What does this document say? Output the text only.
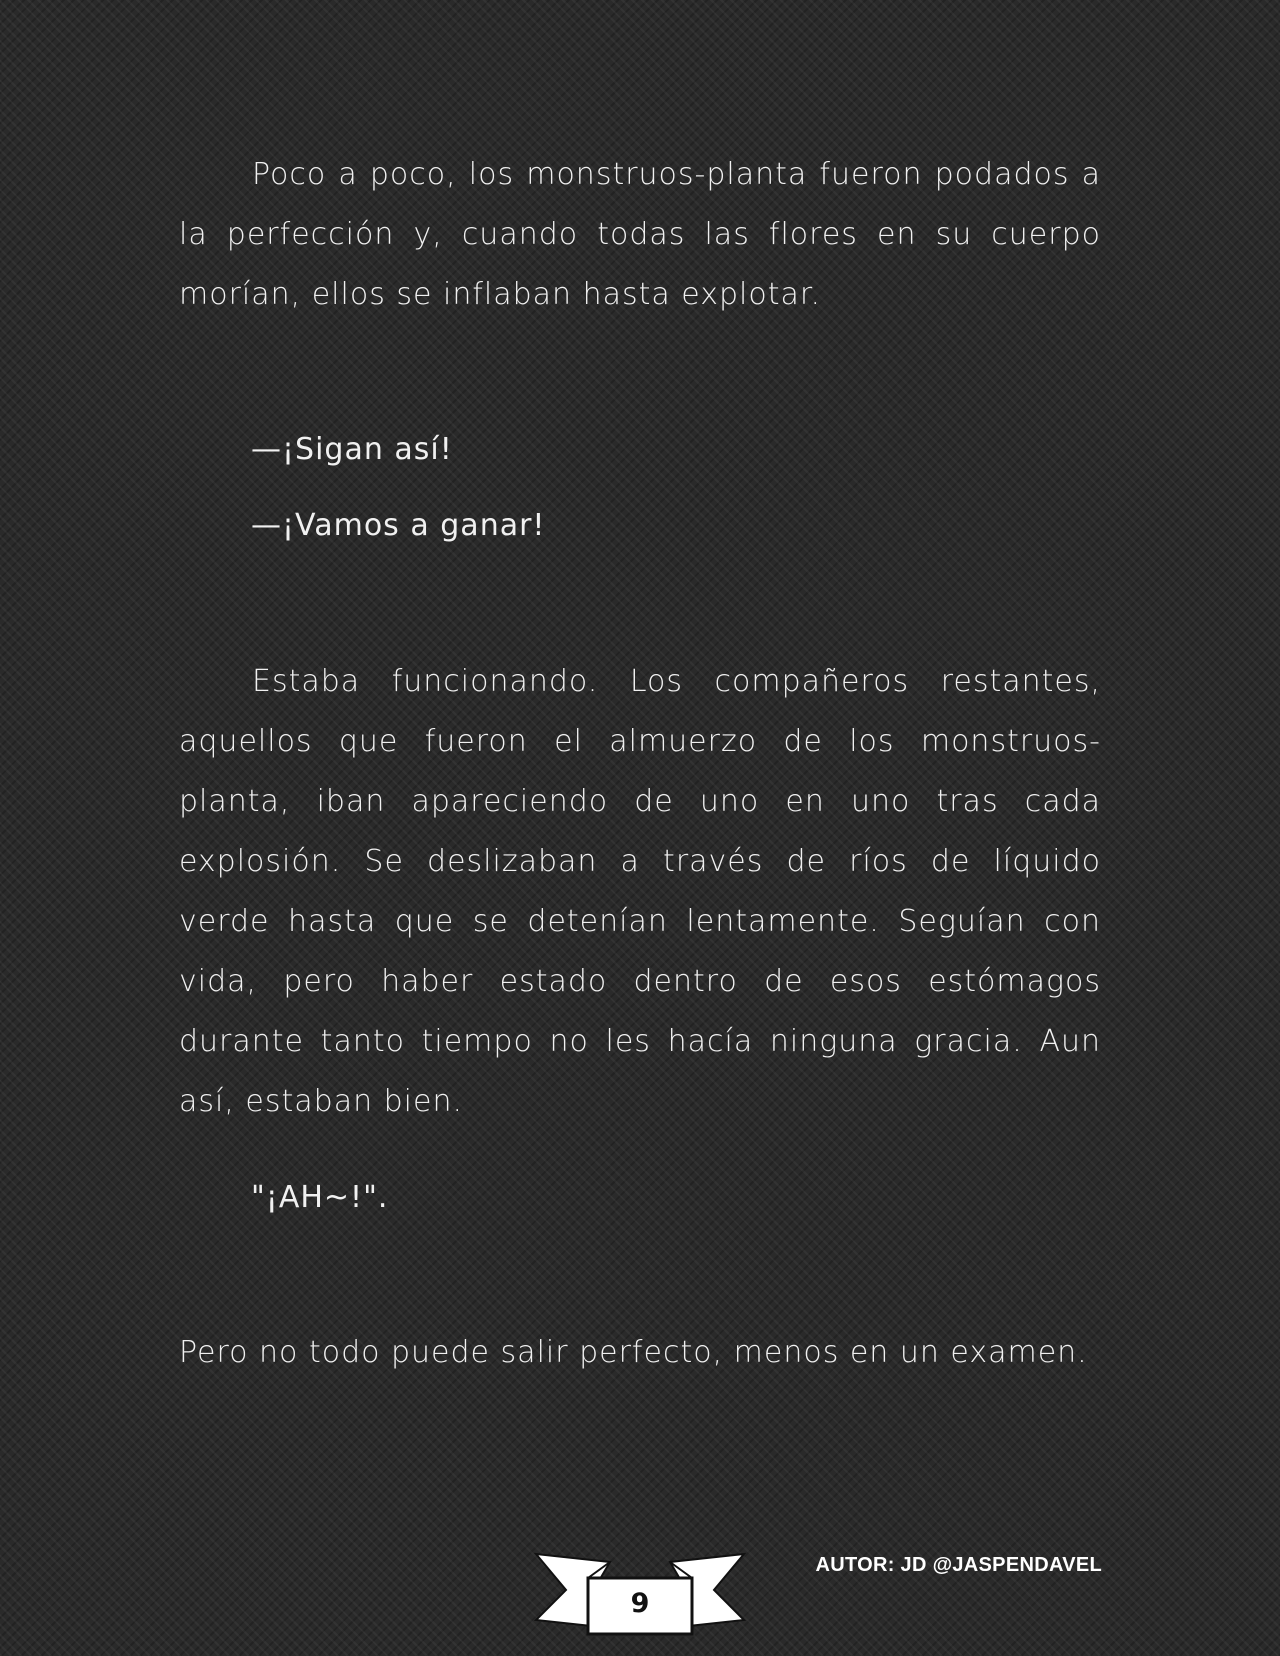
Poco a poco, los monstruos-planta fueron podados a la perfección y, cuando todas las flores en su cuerpo morían, ellos se inflaban hasta explotar.

—¡Sigan así!

—¡Vamos a ganar!

Estaba funcionando. Los compañeros restantes, aquellos que fueron el almuerzo de los monstruos-planta, iban apareciendo de uno en uno tras cada explosión. Se deslizaban a través de ríos de líquido verde hasta que se detenían lentamente. Seguían con vida, pero haber estado dentro de esos estómagos durante tanto tiempo no les hacía ninguna gracia. Aun así, estaban bien.

"¡AH~!".

Pero no todo puede salir perfecto, menos en un examen.

9
AUTOR: JD @JASPENDAVEL
